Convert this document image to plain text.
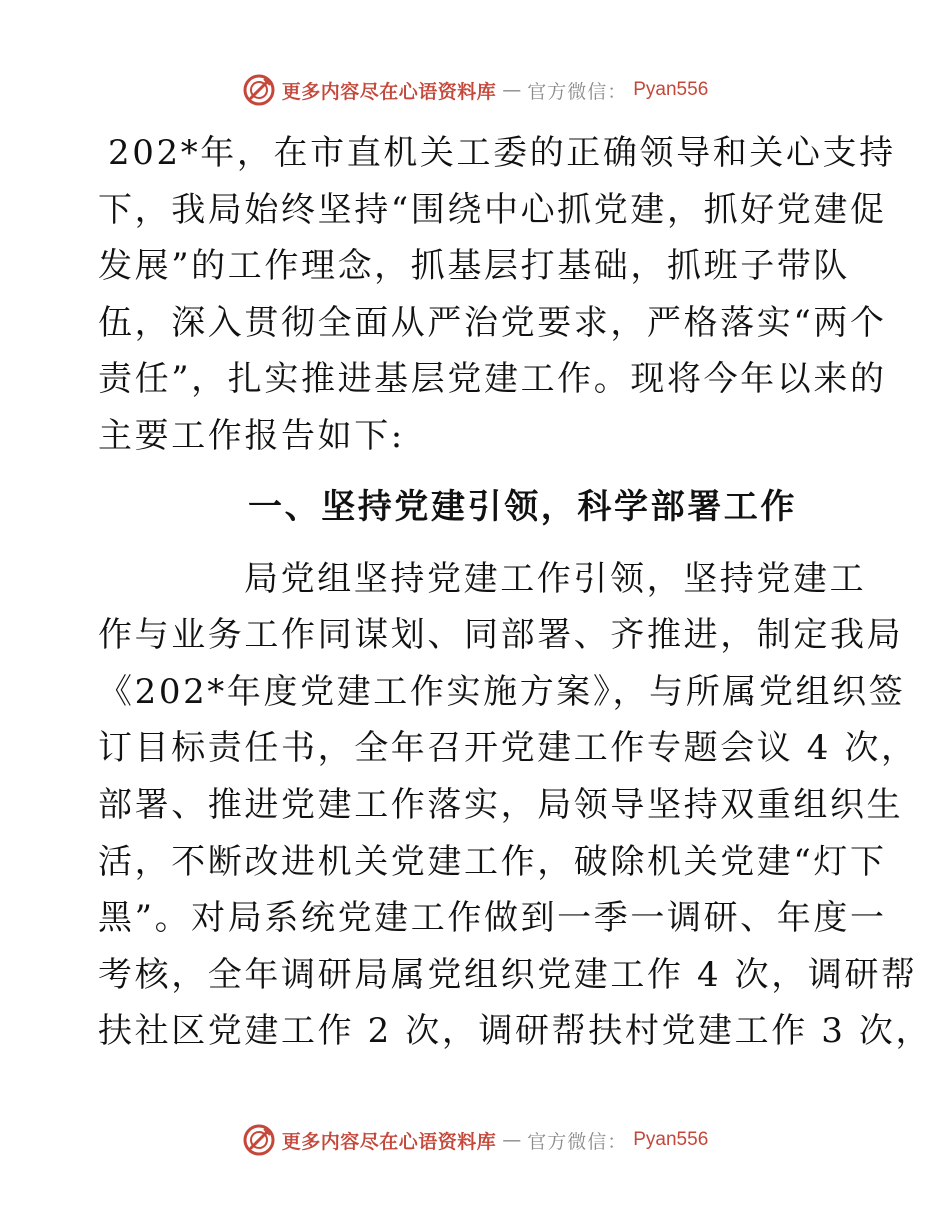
更多内容尽在心语资料库 — 官方微信： Pyan556
202*年，在市直机关工委的正确领导和关心支持
下，我局始终坚持“围绕中心抓党建，抓好党建促
发展”的工作理念，抓基层打基础，抓班子带队
伍，深入贯彻全面从严治党要求，严格落实“两个
责任”，扎实推进基层党建工作。现将今年以来的
主要工作报告如下:
一、坚持党建引领，科学部署工作
局党组坚持党建工作引领，坚持党建工
作与业务工作同谋划、同部署、齐推进，制定我局
《202*年度党建工作实施方案》，与所属党组织签
订目标责任书，全年召开党建工作专题会议 4 次，
部署、推进党建工作落实，局领导坚持双重组织生
活，不断改进机关党建工作，破除机关党建“灯下
黑”。对局系统党建工作做到一季一调研、年度一
考核，全年调研局属党组织党建工作 4 次，调研帮
扶社区党建工作 2 次，调研帮扶村党建工作 3 次，
更多内容尽在心语资料库 — 官方微信： Pyan556
